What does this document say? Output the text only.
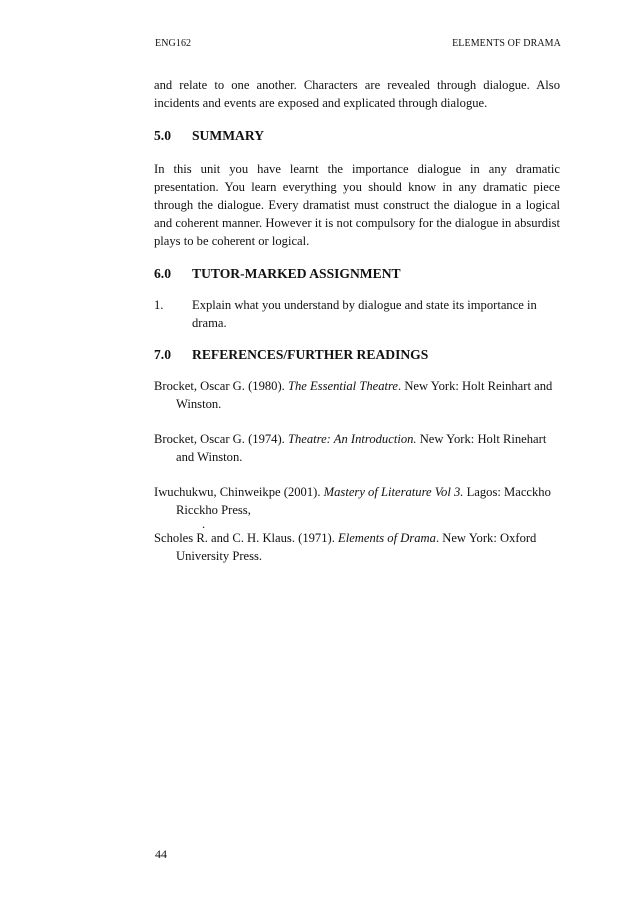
ENG162	ELEMENTS OF DRAMA

and relate to one another. Characters are revealed through dialogue. Also incidents and events are exposed and explicated through dialogue.

5.0	SUMMARY

In this unit you have learnt the importance dialogue in any dramatic presentation. You learn everything you should know in any dramatic piece through the dialogue. Every dramatist must construct the dialogue in a logical and coherent manner. However it is not compulsory for the dialogue in absurdist plays to be coherent or logical.

6.0	TUTOR-MARKED ASSIGNMENT

1.	Explain what you understand by dialogue and state its importance in drama.

7.0	REFERENCES/FURTHER READINGS

Brocket, Oscar G. (1980). The Essential Theatre. New York: Holt Reinhart and Winston.

Brocket, Oscar G. (1974). Theatre: An Introduction. New York: Holt Rinehart and Winston.

Iwuchukwu, Chinweikpe (2001). Mastery of Literature Vol 3. Lagos: Macckho Ricckho Press,

.

Scholes R. and C. H. Klaus. (1971). Elements of Drama. New York: Oxford University Press.

44
